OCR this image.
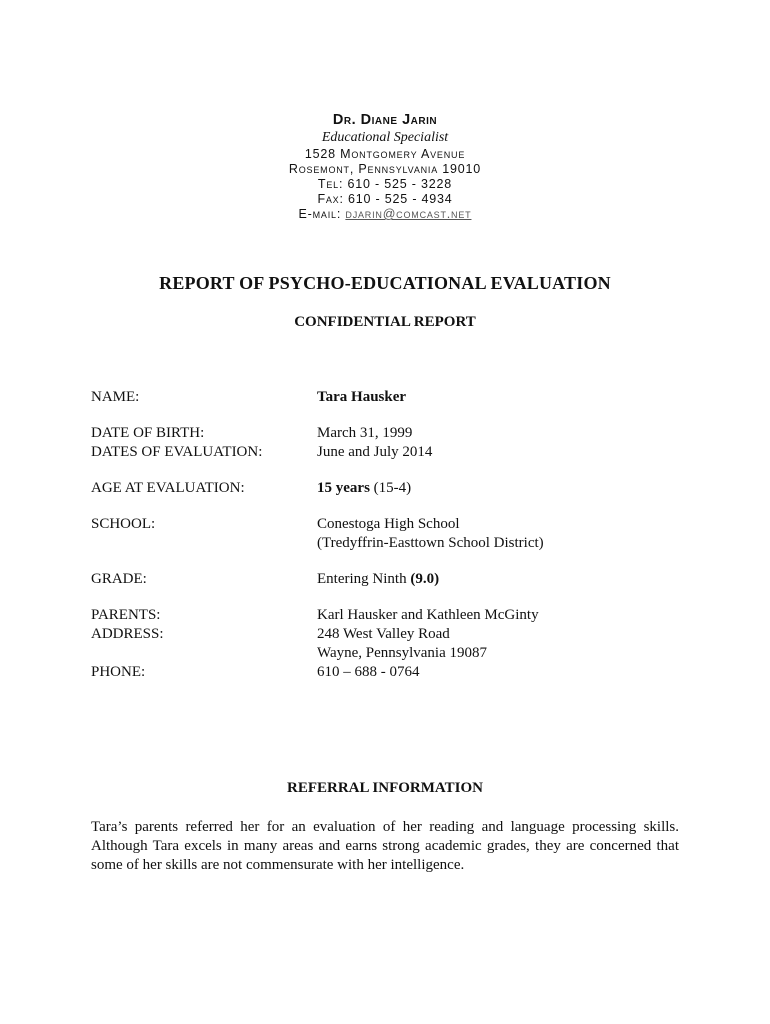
Dr. Diane Jarin
Educational Specialist
1528 Montgomery Avenue
Rosemont, Pennsylvania 19010
Tel: 610 - 525 - 3228
Fax: 610 - 525 - 4934
E-mail: djarin@comcast.net
REPORT OF PSYCHO-EDUCATIONAL EVALUATION
CONFIDENTIAL REPORT
NAME:	Tara Hausker
DATE OF BIRTH:	March 31, 1999
DATES OF EVALUATION:	June and July 2014
AGE AT EVALUATION:	15 years (15-4)
SCHOOL:	Conestoga High School
(Tredyffrin-Easttown School District)
GRADE:	Entering Ninth (9.0)
PARENTS:	Karl Hausker and Kathleen McGinty
ADDRESS:	248 West Valley Road
Wayne, Pennsylvania 19087
PHONE:	610 – 688 - 0764
REFERRAL INFORMATION
Tara’s parents referred her for an evaluation of her reading and language processing skills. Although Tara excels in many areas and earns strong academic grades, they are concerned that some of her skills are not commensurate with her intelligence.
